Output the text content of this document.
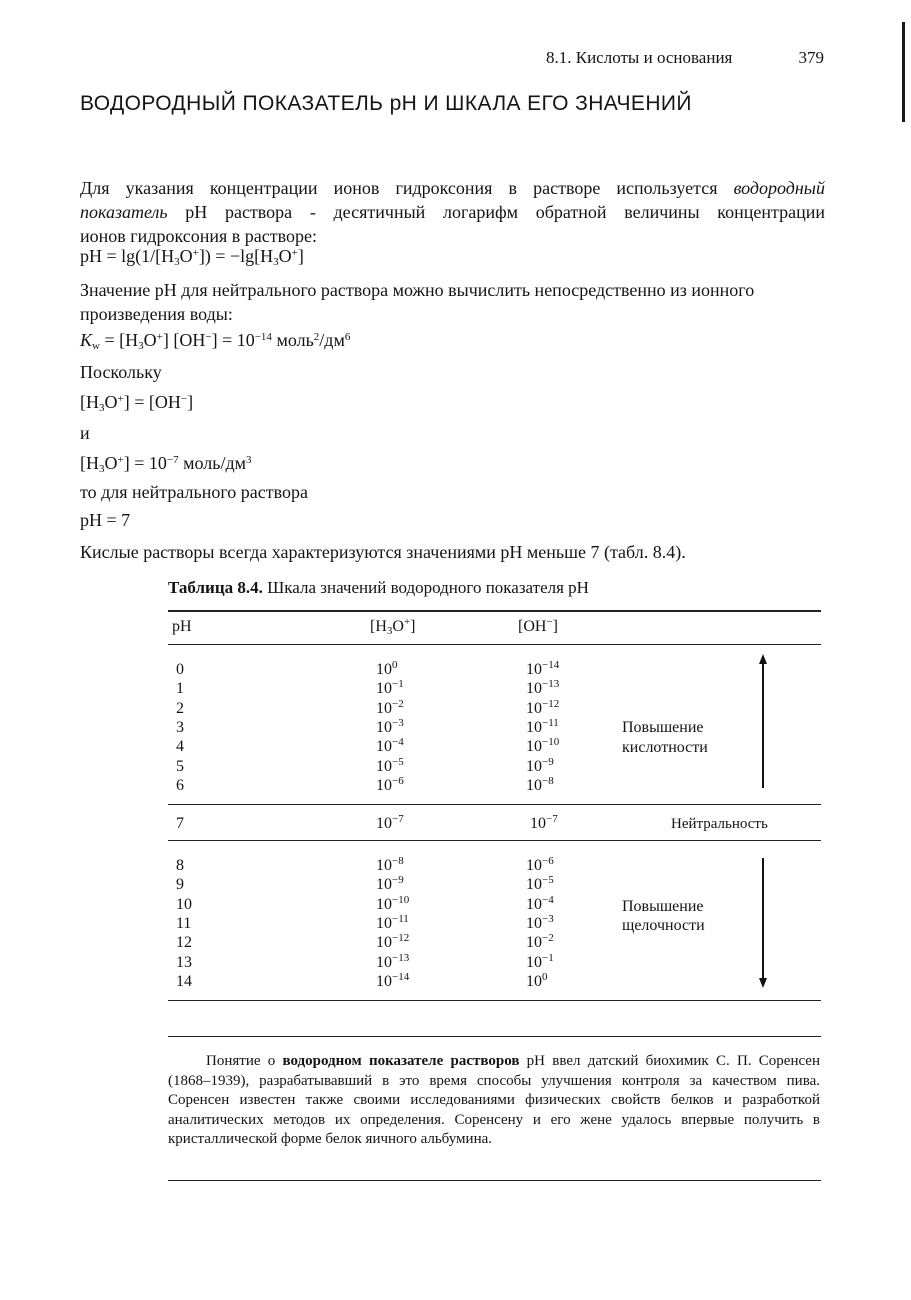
8.1. Кислоты и основания	379
ВОДОРОДНЫЙ ПОКАЗАТЕЛЬ pH И ШКАЛА ЕГО ЗНАЧЕНИЙ
Для указания концентрации ионов гидроксония в растворе используется водородный
показатель pH раствора - десятичный логарифм обратной величины концентрации
ионов гидроксония в растворе:
pH = $\lg(1/[H_3O^+]) = -\lg[H_3O^+]$
Значение pH для нейтрального раствора можно вычислить непосредственно из ионного
произведения воды:
$K_w = [H_3O^+] [OH^-] = 10^{-14}$ $моль^2/дм^6$
Поскольку
$[H_3O^+] = [OH^-]$
и
$[H_3O^+] = 10^{-7}$ моль/$дм^3$
то для нейтрального раствора
pH = 7
Кислые растворы всегда характеризуются значениями pH меньше 7 (табл. 8.4).
Таблица 8.4. Шкала значений водородного показателя pH
pH	$[H_3O^+]$	[OH−]
0	$10^0$	$10^{-14}$
1	$10^{-1}$	$10^{-13}$
2	$10^{-2}$	$10^{-12}$
3	$10^{-3}$	$10^{-11}$
4	$10^{-4}$	$10^{-10}$
5	$10^{-5}$	$10^{-9}$
6	$10^{-6}$	$10^{-8}$
Повышение
кислотности
7	$10^{-7}$	$10^{-7}$	Нейтральность
8	$10^{-8}$	$10^{-6}$
9	$10^{-9}$	$10^{-5}$
10	$10^{-10}$	$10^{-4}$
11	$10^{-11}$	$10^{-3}$
12	$10^{-12}$	$10^{-2}$
13	$10^{-13}$	$10^{-1}$
14	$10^{-14}$	$10^0$
Повышение
щелочности
Понятие о водородном показателе растворов pH ввел датский биохимик С. П. Соренсен (1868–1939), разрабатывавший в это время способы улучшения контроля за качеством пива. Соренсен известен также своими исследованиями физических свойств белков и разработкой аналитических методов их определения. Соренсену и его жене удалось впервые получить в кристаллической форме белок яичного альбумина.
